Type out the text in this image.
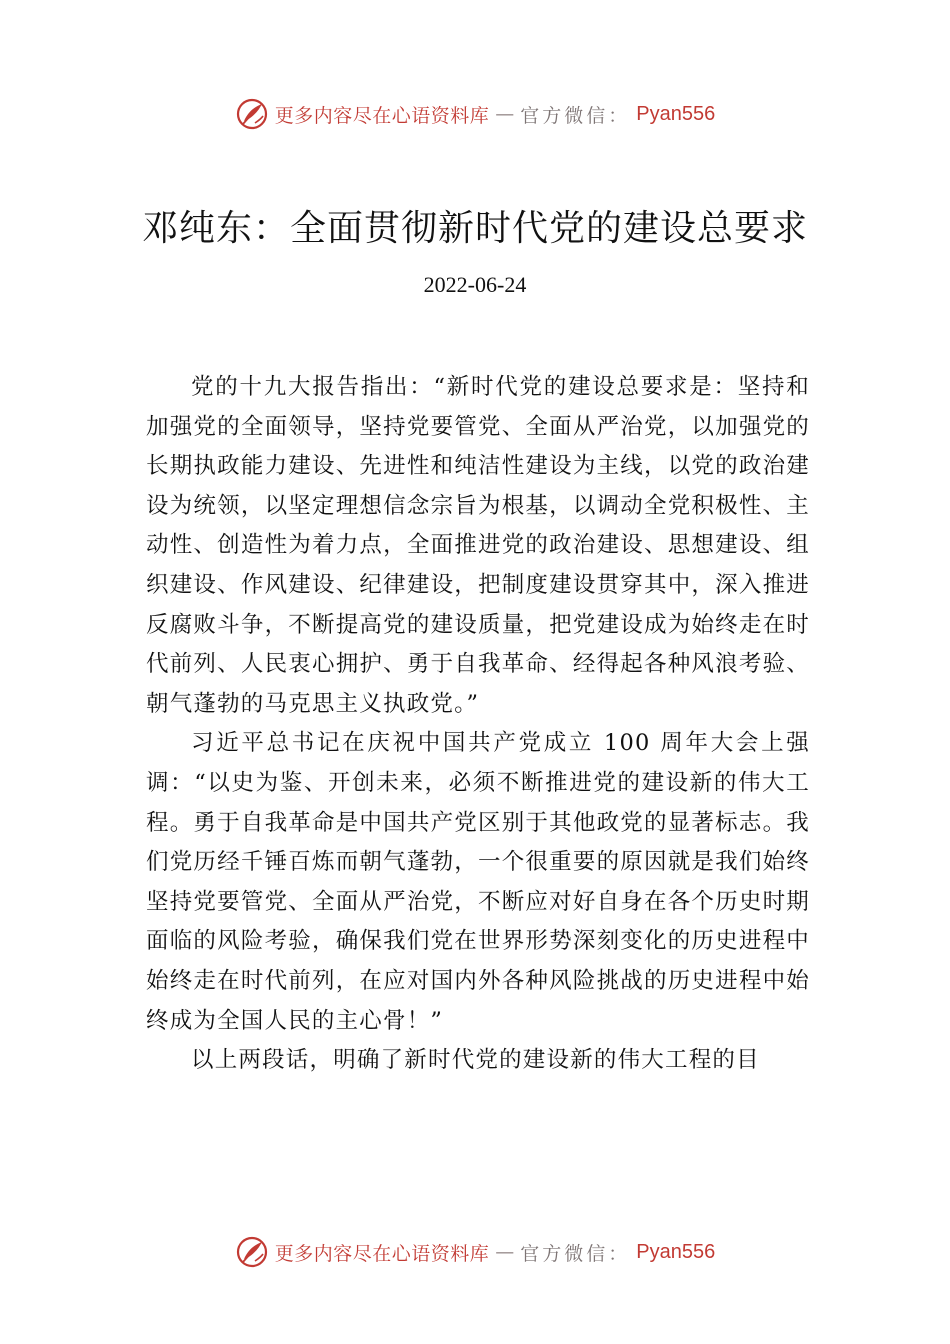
更多内容尽在心语资料库 — 官方微信： Pyan556
邓纯东：全面贯彻新时代党的建设总要求
2022-06-24

党的十九大报告指出：“新时代党的建设总要求是：坚持和加强党的全面领导，坚持党要管党、全面从严治党，以加强党的长期执政能力建设、先进性和纯洁性建设为主线，以党的政治建设为统领，以坚定理想信念宗旨为根基，以调动全党积极性、主动性、创造性为着力点，全面推进党的政治建设、思想建设、组织建设、作风建设、纪律建设，把制度建设贯穿其中，深入推进反腐败斗争，不断提高党的建设质量，把党建设成为始终走在时代前列、人民衷心拥护、勇于自我革命、经得起各种风浪考验、朝气蓬勃的马克思主义执政党。”

习近平总书记在庆祝中国共产党成立 100 周年大会上强调：“以史为鉴、开创未来，必须不断推进党的建设新的伟大工程。勇于自我革命是中国共产党区别于其他政党的显著标志。我们党历经千锤百炼而朝气蓬勃，一个很重要的原因就是我们始终坚持党要管党、全面从严治党，不断应对好自身在各个历史时期面临的风险考验，确保我们党在世界形势深刻变化的历史进程中始终走在时代前列，在应对国内外各种风险挑战的历史进程中始终成为全国人民的主心骨！”

以上两段话，明确了新时代党的建设新的伟大工程的目

更多内容尽在心语资料库 — 官方微信： Pyan556
